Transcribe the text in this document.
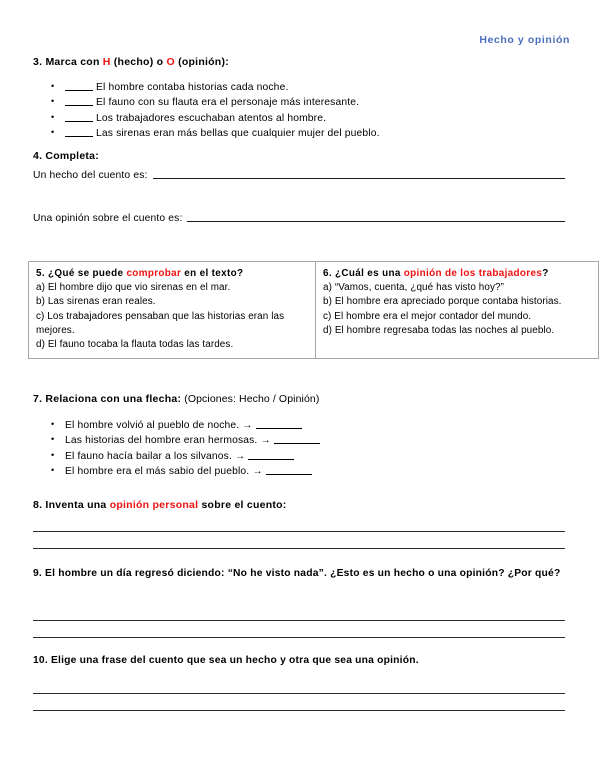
Hecho y opinión
3. Marca con H (hecho) o O (opinión):
• El hombre contaba historias cada noche.
• El fauno con su flauta era el personaje más interesante.
• Los trabajadores escuchaban atentos al hombre.
• Las sirenas eran más bellas que cualquier mujer del pueblo.
4. Completa:
Un hecho del cuento es:
Una opinión sobre el cuento es:
5. ¿Qué se puede comprobar en el texto?
a) El hombre dijo que vio sirenas en el mar.
b) Las sirenas eran reales.
c) Los trabajadores pensaban que las historias eran las mejores.
d) El fauno tocaba la flauta todas las tardes.

6. ¿Cuál es una opinión de los trabajadores?
a) “Vamos, cuenta, ¿qué has visto hoy?”
b) El hombre era apreciado porque contaba historias.
c) El hombre era el mejor contador del mundo.
d) El hombre regresaba todas las noches al pueblo.
7. Relaciona con una flecha: (Opciones: Hecho / Opinión)
• El hombre volvió al pueblo de noche. →
• Las historias del hombre eran hermosas. →
• El fauno hacía bailar a los silvanos. →
• El hombre era el más sabio del pueblo. →
8. Inventa una opinión personal sobre el cuento:
9. El hombre un día regresó diciendo: “No he visto nada”. ¿Esto es un hecho o una opinión? ¿Por qué?
10. Elige una frase del cuento que sea un hecho y otra que sea una opinión.
